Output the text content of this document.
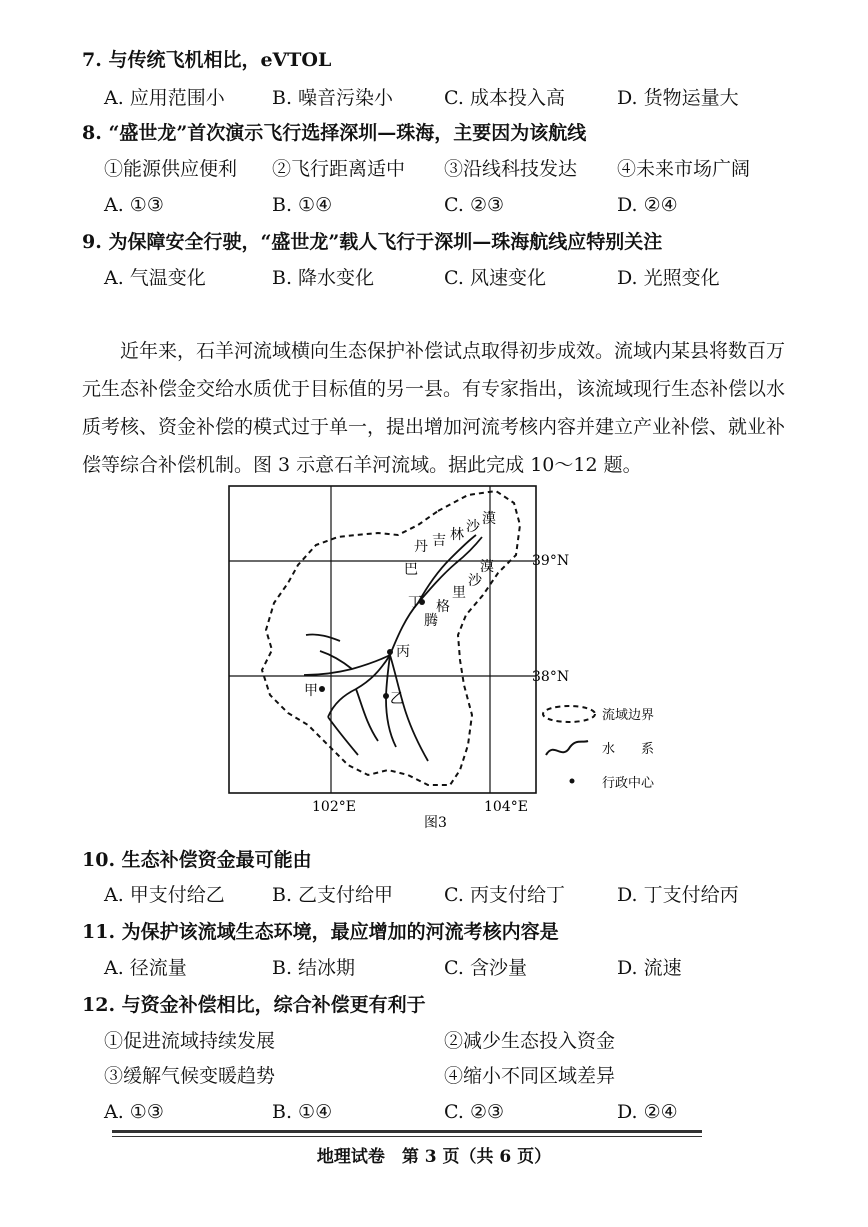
7. 与传统飞机相比，eVTOL
A. 应用范围小 B. 噪音污染小	C. 成本投入高	D. 货物运量大
8. “盛世龙”首次演示飞行选择深圳—珠海，主要因为该航线
①能源供应便利 ②飞行距离适中 ③沿线科技发达 ④未来市场广阔
A. ①③	B. ①④	C. ②③	D. ②④
9. 为保障安全行驶，“盛世龙”载人飞行于深圳—珠海航线应特别关注
A. 气温变化	B. 降水变化	C. 风速变化	D. 光照变化
近年来，石羊河流域横向生态保护补偿试点取得初步成效。流域内某县将数百万元生态补偿金交给水质优于目标值的另一县。有专家指出，该流域现行生态补偿以水质考核、资金补偿的模式过于单一，提出增加河流考核内容并建立产业补偿、就业补偿等综合补偿机制。图 3 示意石羊河流域。据此完成 10～12 题。
丁
丙
甲	乙
丹 吉 林 沙 漠
巴
腾
格
里
沙
漠	39°N
38°N
102°E	104°E
图3
流域边界
水　　系
行政中心
10. 生态补偿资金最可能由
A. 甲支付给乙 B. 乙支付给甲	C. 丙支付给丁	D. 丁支付给丙
11. 为保护该流域生态环境，最应增加的河流考核内容是
A. 径流量	B. 结冰期	C. 含沙量	D. 流速
12. 与资金补偿相比，综合补偿更有利于
①促进流域持续发展	②减少生态投入资金
③缓解气候变暖趋势	④缩小不同区域差异
A. ①③	B. ①④	C. ②③	D. ②④
地理试卷　第 3 页（共 6 页）
